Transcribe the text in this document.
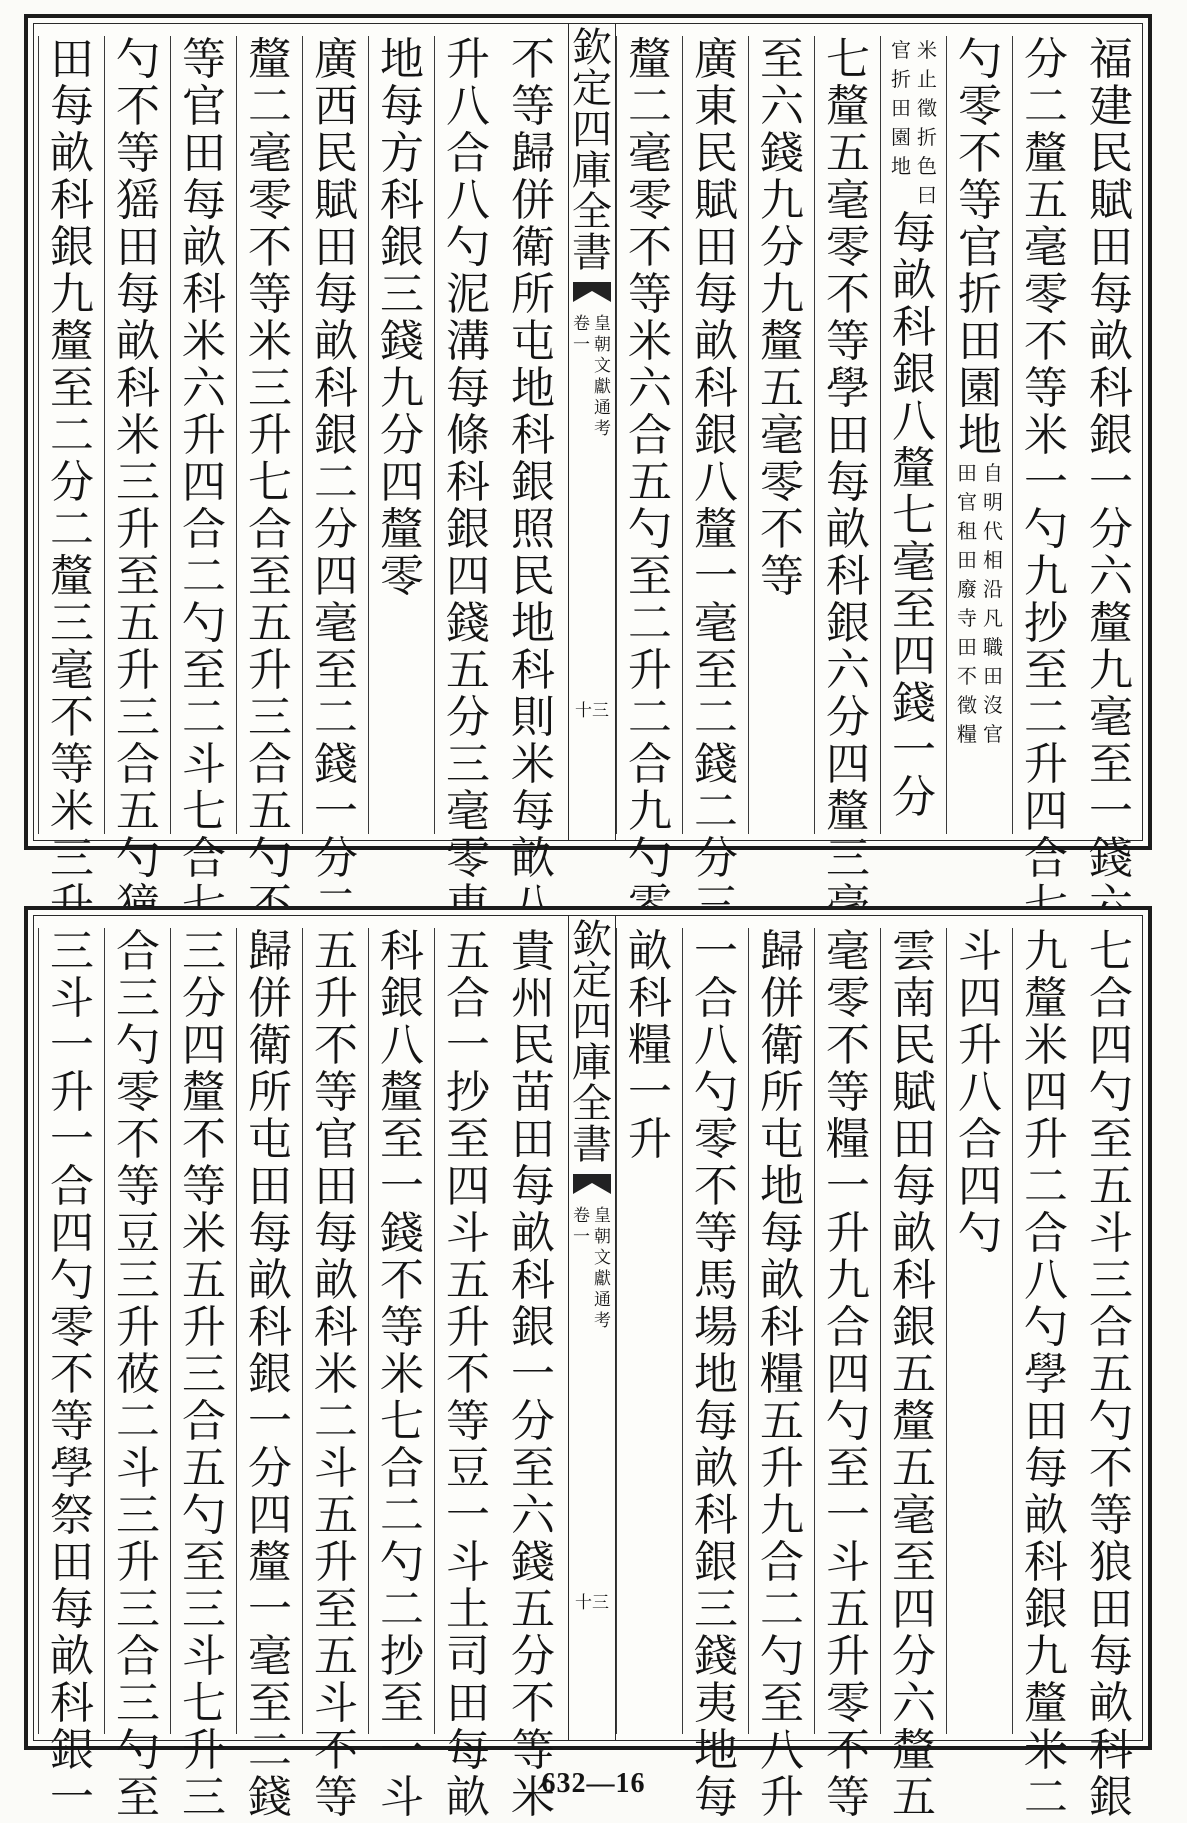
福
建
民
賦
田
每
畝
科
銀
一
分
六
釐
九
毫
至
一
錢
分
二
釐
五
毫
零
不
等
米
一
勺
九
抄
至
二
升
四
合
勺
零
不
等
官
折
田
園
地
自
明
代
相
沿
凡
職
田
沒
官
田
官
租
田
廢
寺
田
不
徵
糧
米
止
徵
折
色
曰
官
折
田
園
地
每
畝
科
銀
八
釐
七
毫
至
四
錢
一
分
七
釐
五
毫
零
不
等
學
田
每
畝
科
銀
六
分
四
釐
三
至
六
錢
九
分
九
釐
五
毫
零
不
等
廣
東
民
賦
田
每
畝
科
銀
八
釐
一
毫
至
二
錢
二
分
釐
二
毫
零
不
等
米
六
合
五
勺
至
二
升
二
合
九
勺
欽
定
四
庫
全
書
皇
朝
文
獻
通
考
卷
一
十三
不
等
歸
併
衛
所
屯
地
科
銀
照
民
地
科
則
米
每
畝
升
八
合
八
勺
泥
溝
每
條
科
銀
四
錢
五
分
三
毫
零
地
每
方
科
銀
三
錢
九
分
四
釐
零
廣
西
民
賦
田
每
畝
科
銀
二
分
四
毫
至
二
錢
一
分
釐
二
毫
零
不
等
米
三
升
七
合
至
五
升
三
合
五
勺
等
官
田
每
畝
科
米
六
升
四
合
二
勺
至
二
斗
七
合
勺
不
等
猺
田
每
畝
科
米
三
升
至
五
升
三
合
五
勺
田
每
畝
科
銀
九
釐
至
二
分
二
釐
三
毫
不
等
米
三
七
合
四
勺
至
五
斗
三
合
五
勺
不
等
狼
田
每
畝
科
銀
九
釐
米
四
升
二
合
八
勺
學
田
每
畝
科
銀
九
釐
米
二
斗
四
升
八
合
四
勺
雲
南
民
賦
田
每
畝
科
銀
五
釐
五
毫
至
四
分
六
釐
五
毫
零
不
等
糧
一
升
九
合
四
勺
至
一
斗
五
升
零
不
等
歸
併
衛
所
屯
地
每
畝
科
糧
五
升
九
合
二
勺
至
八
升
一
合
八
勺
零
不
等
馬
場
地
每
畝
科
銀
三
錢
夷
地
每
畝
科
糧
一
升
欽
定
四
庫
全
書
皇
朝
文
獻
通
考
卷
一
十三
貴
州
民
苗
田
每
畝
科
銀
一
分
至
六
錢
五
分
不
等
米
五
合
一
抄
至
四
斗
五
升
不
等
豆
一
斗
土
司
田
每
畝
科
銀
八
釐
至
一
錢
不
等
米
七
合
二
勺
二
抄
至
一
斗
五
升
不
等
官
田
每
畝
科
米
二
斗
五
升
至
五
斗
不
等
歸
併
衛
所
屯
田
每
畝
科
銀
一
分
四
釐
一
毫
至
二
錢
三
分
四
釐
不
等
米
五
升
三
合
五
勺
至
三
斗
七
升
三
合
三
勺
零
不
等
豆
三
升
莜
二
斗
三
升
三
合
三
勺
至
三
斗
一
升
一
合
四
勺
零
不
等
學
祭
田
每
畝
科
銀
一	632—16
